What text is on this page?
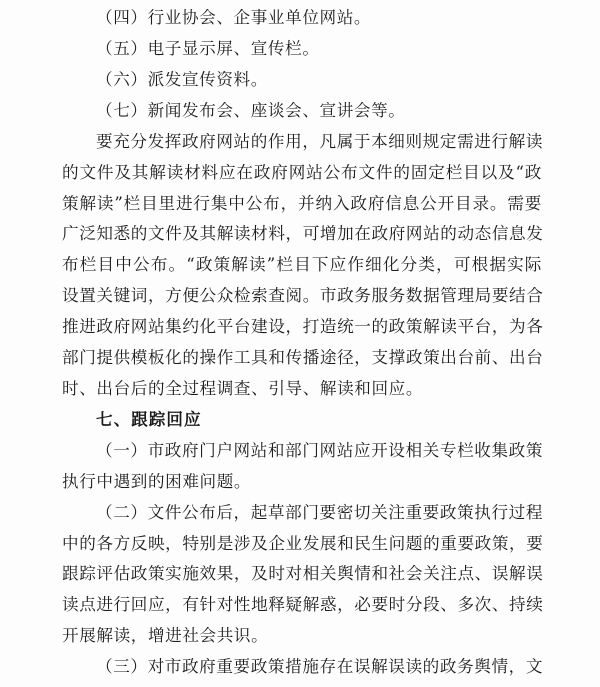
（四）行业协会、企事业单位网站。
（五）电子显示屏、宣传栏。
（六）派发宣传资料。
（七）新闻发布会、座谈会、宣讲会等。
要充分发挥政府网站的作用，凡属于本细则规定需进行解读
的文件及其解读材料应在政府网站公布文件的固定栏目以及“政
策解读”栏目里进行集中公布，并纳入政府信息公开目录。需要
广泛知悉的文件及其解读材料，可增加在政府网站的动态信息发
布栏目中公布。“政策解读”栏目下应作细化分类，可根据实际
设置关键词，方便公众检索查阅。市政务服务数据管理局要结合
推进政府网站集约化平台建设，打造统一的政策解读平台，为各
部门提供模板化的操作工具和传播途径，支撑政策出台前、出台
时、出台后的全过程调查、引导、解读和回应。
七、跟踪回应
（一）市政府门户网站和部门网站应开设相关专栏收集政策
执行中遇到的困难问题。
（二）文件公布后，起草部门要密切关注重要政策执行过程
中的各方反映，特别是涉及企业发展和民生问题的重要政策，要
跟踪评估政策实施效果，及时对相关舆情和社会关注点、误解误
读点进行回应，有针对性地释疑解惑，必要时分段、多次、持续
开展解读，增进社会共识。
（三）对市政府重要政策措施存在误解误读的政务舆情，文
